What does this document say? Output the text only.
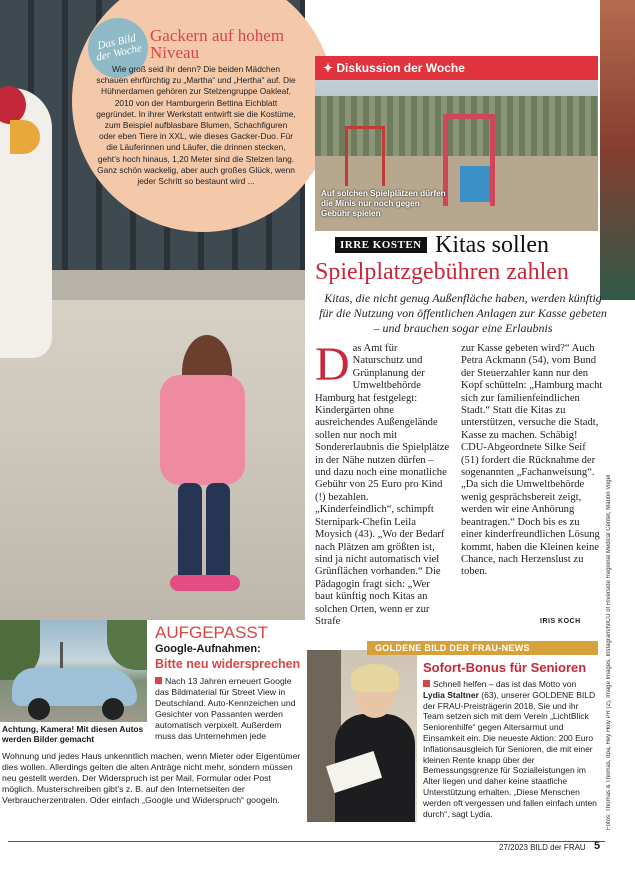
Das Bild der Woche
Gackern auf hohem Niveau
Wie groß seid ihr denn? Die beiden Mädchen schauen ehrfürchtig zu „Martha“ und „Hertha“ auf. Die Hühnerdamen gehören zur Stelzengruppe Oakleaf, 2010 von der Hamburgerin Bettina Eichblatt gegründet. In ihrer Werkstatt entwirft sie die Kostüme, zum Beispiel aufblasbare Blumen, Schachfiguren oder eben Tiere in XXL, wie dieses Gacker-Duo. Für die Läuferinnen und Läufer, die drinnen stecken, geht’s hoch hinaus, 1,20 Meter sind die Stelzen lang. Ganz schön wackelig, aber auch großes Glück, wenn jeder Schritt so bestaunt wird ...
✦ Diskussion der Woche
Auf solchen Spielplätzen dürfen die Minis nur noch gegen Gebühr spielen
IRRE KOSTEN Kitas sollen
Spielplatzgebühren zahlen
Kitas, die nicht genug Außenfläche haben, werden künftig für die Nutzung von öffentlichen Anlagen zur Kasse gebeten – und brauchen sogar eine Erlaubnis
Das Amt für Naturschutz und Grünplanung der Umweltbehörde Hamburg hat festgelegt: Kindergärten ohne ausreichendes Außengelände sollen nur noch mit Sondererlaubnis die Spielplätze in der Nähe nutzen dürfen – und dazu noch eine monatliche Gebühr von 25 Euro pro Kind (!) bezahlen. „Kinderfeindlich“, schimpft Sternipark-Chefin Leila Moysich (43). „Wo der Bedarf nach Plätzen am größten ist, sind ja nicht automatisch viel Grünflächen vorhanden.“ Die Pädagogin fragt sich: „Wer baut künftig noch Kitas an solchen Orten, wenn er zur Strafe
zur Kasse gebeten wird?“ Auch Petra Ackmann (54), vom Bund der Steuerzahler kann nur den Kopf schütteln: „Hamburg macht sich zur familienfeindlichen Stadt.“ Statt die Kitas zu unterstützen, versuche die Stadt, Kasse zu machen. Schäbig! CDU-Abgeordnete Silke Seif (51) fordert die Rücknahme der sogenannten „Fachanweisung“. „Da sich die Umweltbehörde wenig gesprächsbereit zeigt, werden wir eine Anhörung beantragen.“ Doch bis es zu einer kinderfreundlichen Lösung kommt, haben die Kleinen keine Chance, nach Herzenslust zu toben.
IRIS KOCH	Fotos: Thomas & Thomas, dpa, Hey Holy PR (2), Image Images, Instagram/NICU of Riverside Regional Medical Center, Marion Vogel
Achtung, Kamera! Mit diesen Autos werden Bilder gemacht
AUFGEPASST
Google-Aufnahmen:
Bitte neu widersprechen
Nach 13 Jahren erneuert Google das Bildmaterial für Street View in Deutschland. Auto-Kennzeichen und Gesichter von Passanten werden automatisch verpixelt. Außerdem muss das Unternehmen jede
Wohnung und jedes Haus unkenntlich machen, wenn Mieter oder Eigentümer dies wollen. Allerdings gelten die alten Anträge nicht mehr, sondern müssen neu gestellt werden. Der Widerspruch ist per Mail, Formular oder Post möglich. Musterschreiben gibt’s z. B. auf den Internetseiten der Verbraucherzentralen. Oder einfach „Google und Widerspruch“ googeln.
GOLDENE BILD DER FRAU-NEWS
Sofort-Bonus für Senioren
Schnell helfen – das ist das Motto von Lydia Staltner (63), unserer GOLDENE BILD der FRAU-Preisträgerin 2018. Sie und ihr Team setzen sich mit dem Verein „LichtBlick Seniorenhilfe“ gegen Altersarmut und Einsamkeit ein. Die neueste Aktion: 200 Euro Inflationsausgleich für Senioren, die mit einer kleinen Rente knapp über der Bemessungsgrenze für Sozialleistungen im Alter liegen und daher keine staatliche Unterstützung erhalten. „Diese Menschen werden oft vergessen und fallen einfach unten durch“, sagt Lydia.
27/2023 BILD der FRAU 5
